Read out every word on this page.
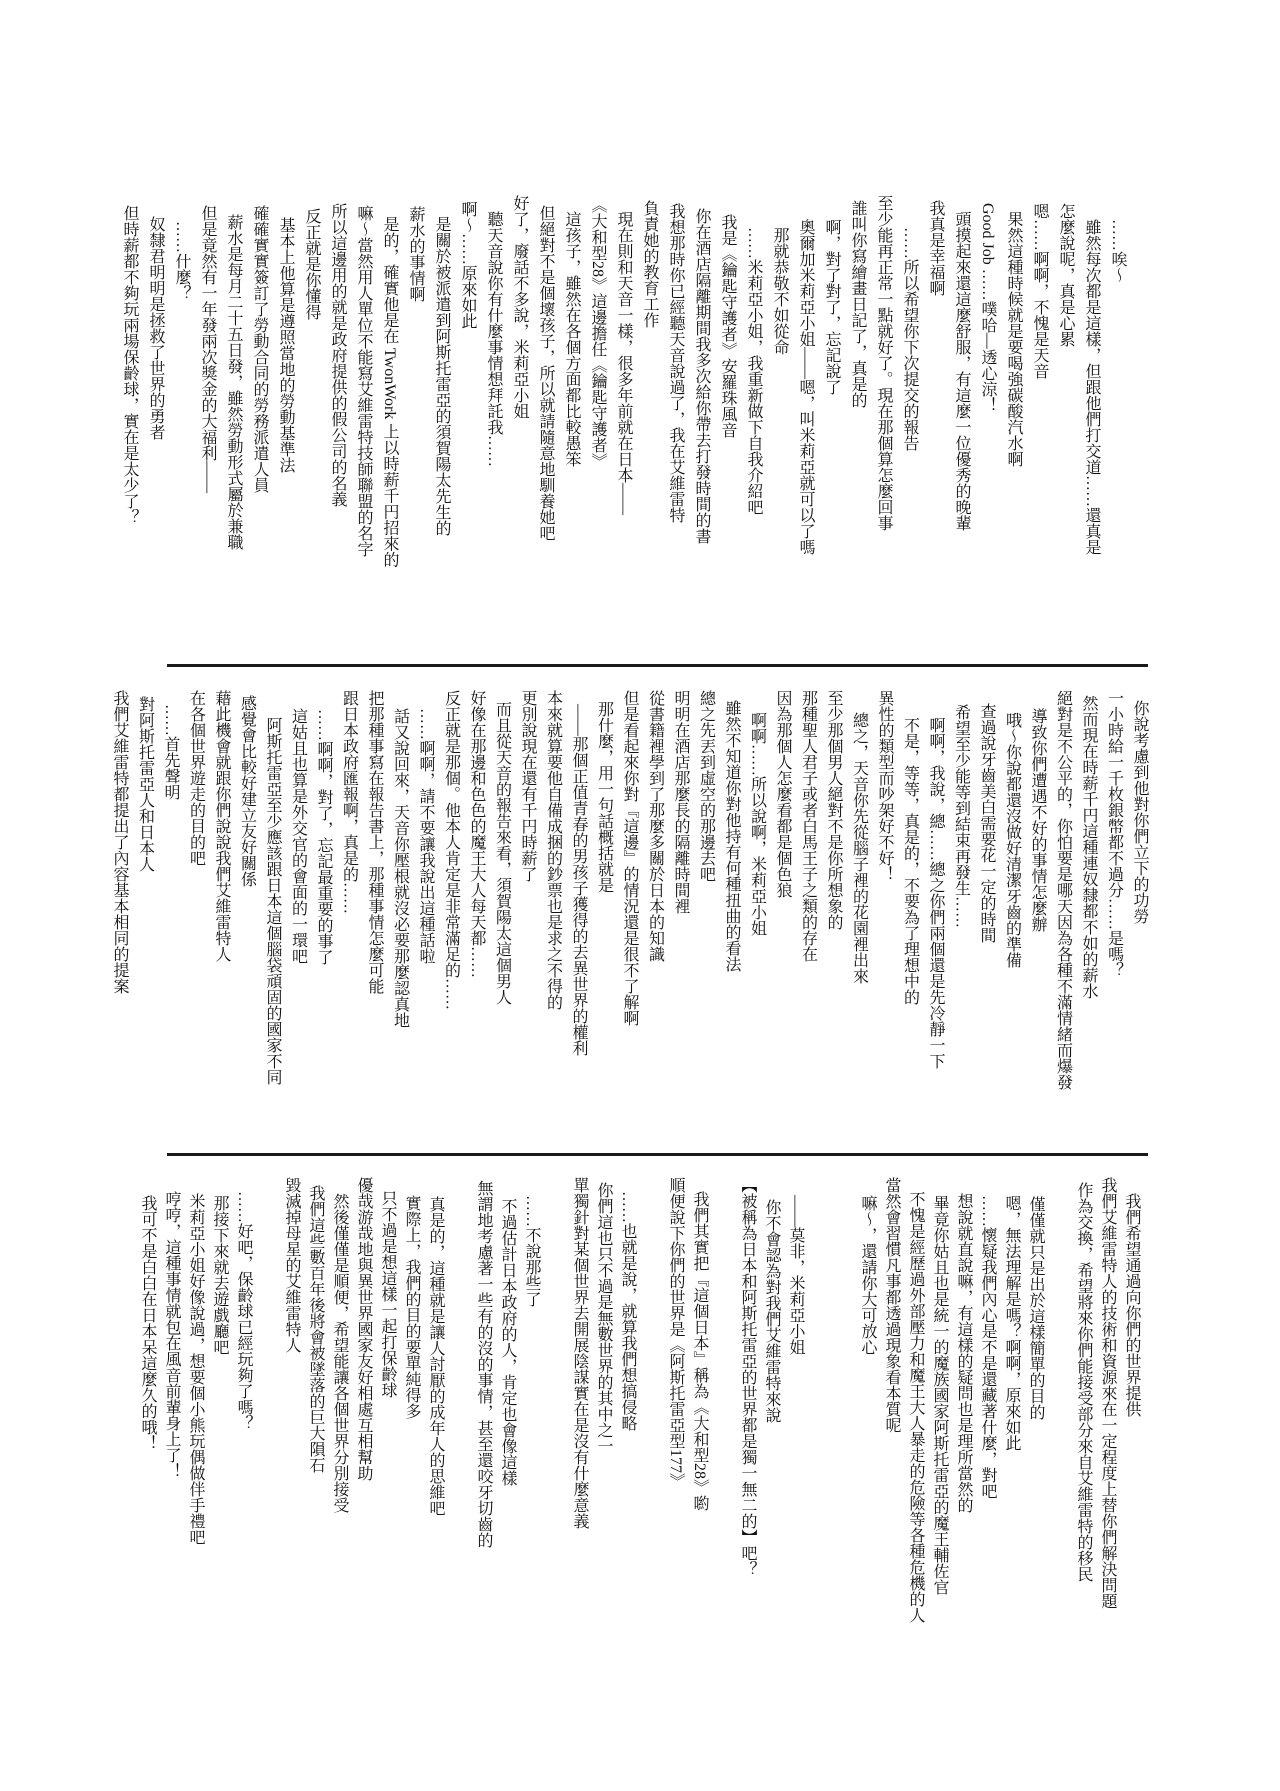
……唉～

雖然每次都是這樣，但跟他們打交道……還真是

怎麼說呢，真是心累

嗯……啊啊，不愧是天音

果然這種時候就是要喝強碳酸汽水啊

Good Job ……噗哈—透心涼！

頭摸起來還這麼舒服，有這麼一位優秀的晚輩

我真是幸福啊

……所以希望你下次提交的報告

至少能再正常一點就好了。現在那個算怎麼回事

誰叫你寫繪畫日記了，真是的

啊，對了對了，忘記說了

奧爾加米莉亞小姐——嗯，叫米莉亞就可以了嗎

那就恭敬不如從命

……米莉亞小姐，我重新做下自我介紹吧

我是《鑰匙守護者》安羅珠風音

你在酒店隔離期間我多次給你帶去打發時間的書

我想那時你已經聽天音說過了，我在艾維雷特

負責她的教育工作

現在則和天音一樣，很多年前就在日本——

《大和型28》這邊擔任《鑰匙守護者》

這孩子，雖然在各個方面都比較愚笨

但絕對不是個壞孩子，所以就請隨意地馴養她吧

好了，廢話不多說，米莉亞小姐

聽天音說你有什麼事情想拜託我……

啊～……原來如此

是關於被派遣到阿斯托雷亞的須賀陽太先生的

薪水的事情啊

是的，確實他是在 TwonWork 上以時薪千円招來的

嘛～當然用人單位不能寫艾維雷特技師聯盟的名字

所以這邊用的就是政府提供的假公司的名義

反正就是你懂得

基本上他算是遵照當地的勞動基準法

確確實實簽訂了勞動合同的勞務派遣人員

薪水是每月二十五日發，雖然勞動形式屬於兼職

但是竟然有一年發兩次獎金的大福利——

……什麼？

奴隸君明明是拯救了世界的勇者

但時薪都不夠玩兩場保齡球，實在是太少了？

你說考慮到他對你們立下的功勞

一小時給一千枚銀幣都不過分……是嗎？

然而現在時薪千円這種連奴隸都不如的薪水

絕對是不公平的，你怕要是哪天因為各種不滿情緒而爆發

導致你們遭遇不好的事情怎麼辦

哦～你說都還沒做好清潔牙齒的準備

查過說牙齒美白需要花一定的時間

希望至少能等到結束再發生……

啊啊，我說，總……總之你們兩個還是先冷靜一下

不是，等等，真是的，不要為了理想中的

異性的類型而吵架好不好！

總之，天音你先從腦子裡的花園裡出來

至少那個男人絕對不是你所想象的

那種聖人君子或者白馬王子之類的存在

因為那個人怎麼看都是個色狼

啊啊……所以說啊，米莉亞小姐

雖然不知道你對他持有何種扭曲的看法

總之先丟到虛空的那邊去吧

明明在酒店那麼長的隔離時間裡

從書籍裡學到了那麼多關於日本的知識

但是看起來你對『這邊』的情況還是很不了解啊

那什麼，用一句話概括就是

——那個正值青春的男孩子獲得的去異世界的權利

本來就算要他自備成捆的鈔票也是求之不得的

更別說現在還有千円時薪了

而且從天音的報告來看，須賀陽太這個男人

好像在那邊和色色的魔王大人每天都……

反正就是那個。他本人肯定是非常滿足的……

……啊啊，請不要讓我說出這種話啦

話又說回來，天音你壓根就沒必要那麼認真地

把那種事寫在報告書上，那種事情怎麼可能

跟日本政府匯報啊，真是的……

……啊啊，對了，忘記最重要的事了

這姑且也算是外交官的會面的一環吧

阿斯托雷亞至少應該跟日本這個腦袋頑固的國家不同

感覺會比較好建立友好關係

藉此機會就跟你們說說我們艾維雷特人

在各個世界遊走的目的吧

……首先聲明

對阿斯托雷亞人和日本人

我們艾維雷特都提出了內容基本相同的提案

我們希望通過向你們的世界提供

我們艾維雷特人的技術和資源來在一定程度上替你們解決問題

作為交換，希望將來你們能接受部分來自艾維雷特的移民

僅僅就只是出於這樣簡單的目的

嗯，無法理解是嗎？啊啊，原來如此

……懷疑我們內心是不是還藏著什麼，對吧

想說就直說嘛，有這樣的疑問也是理所當然的

畢竟你姑且也是統一的魔族國家阿斯托雷亞的魔王輔佐官

不愧是經歷過外部壓力和魔王大人暴走的危險等各種危機的人

當然會習慣凡事都透過現象看本質呢

嘛～，還請你大可放心

——莫非，米莉亞小姐

你不會認為對我們艾維雷特來說

【被稱為日本和阿斯托雷亞的世界都是獨一無二的】吧？

我們其實把『這個日本』稱為《大和型28》喲

順便說下你們的世界是《阿斯托雷亞型177》

……也就是說，就算我們想搞侵略

你們這也只不過是無數世界的其中之一

單獨針對某個世界去開展陰謀實在是沒有什麼意義

……不說那些了

不過估計日本政府的人，肯定也會像這樣

無謂地考慮著一些有的沒的事情，甚至還咬牙切齒的

真是的，這種就是讓人討厭的成年人的思維吧

實際上，我們的目的要單純得多

只不過是想這樣一起打保齡球

優哉游哉地與異世界國家友好相處互相幫助

然後僅僅是順便，希望能讓各個世界分別接受

我們這些數百年後將會被墜落的巨大隕石

毀滅掉母星的艾維雷特人

……好吧，保齡球已經玩夠了嗎？

那接下來就去遊戲廳吧

米莉亞小姐好像說過，想要個小熊玩偶做伴手禮吧

哼哼，這種事情就包在風音前輩身上了！

我可不是白白在日本呆這麼久的哦！
